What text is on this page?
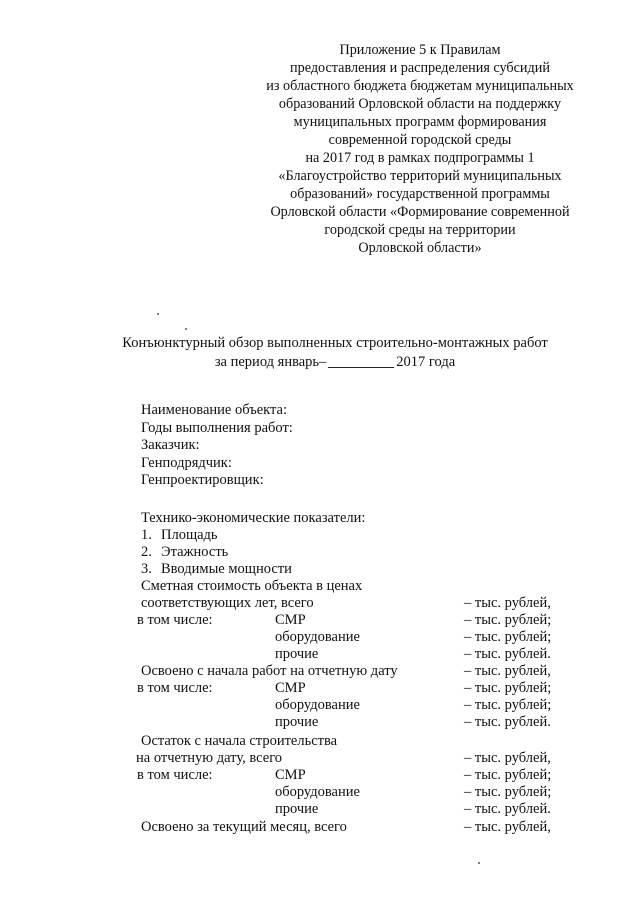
Приложение 5 к Правилам
предоставления и распределения субсидий
из областного бюджета бюджетам муниципальных
образований Орловской области на поддержку
муниципальных программ формирования
современной городской среды
на 2017 год в рамках подпрограммы 1
«Благоустройство территорий муниципальных
образований» государственной программы
Орловской области «Формирование современной
городской среды на территории
Орловской области»
Конъюнктурный обзор выполненных строительно-монтажных работ
за период январь–	2017 года
Наименование объекта:
Годы выполнения работ:
Заказчик:
Генподрядчик:
Генпроектировщик:
Технико-экономические показатели:
1. Площадь
2. Этажность
3. Вводимые мощности
Сметная стоимость объекта в ценах
соответствующих лет, всего	– тыс. рублей,
в том числе:	СМР	– тыс. рублей;
оборудование	– тыс. рублей;
прочие	– тыс. рублей.
Освоено с начала работ на отчетную дату	– тыс. рублей,
в том числе:	СМР	– тыс. рублей;
оборудование	– тыс. рублей;
прочие	– тыс. рублей.
Остаток с начала строительства
на отчетную дату, всего	– тыс. рублей,
в том числе:	СМР	– тыс. рублей;
оборудование	– тыс. рублей;
прочие	– тыс. рублей.
Освоено за текущий месяц, всего	– тыс. рублей,
